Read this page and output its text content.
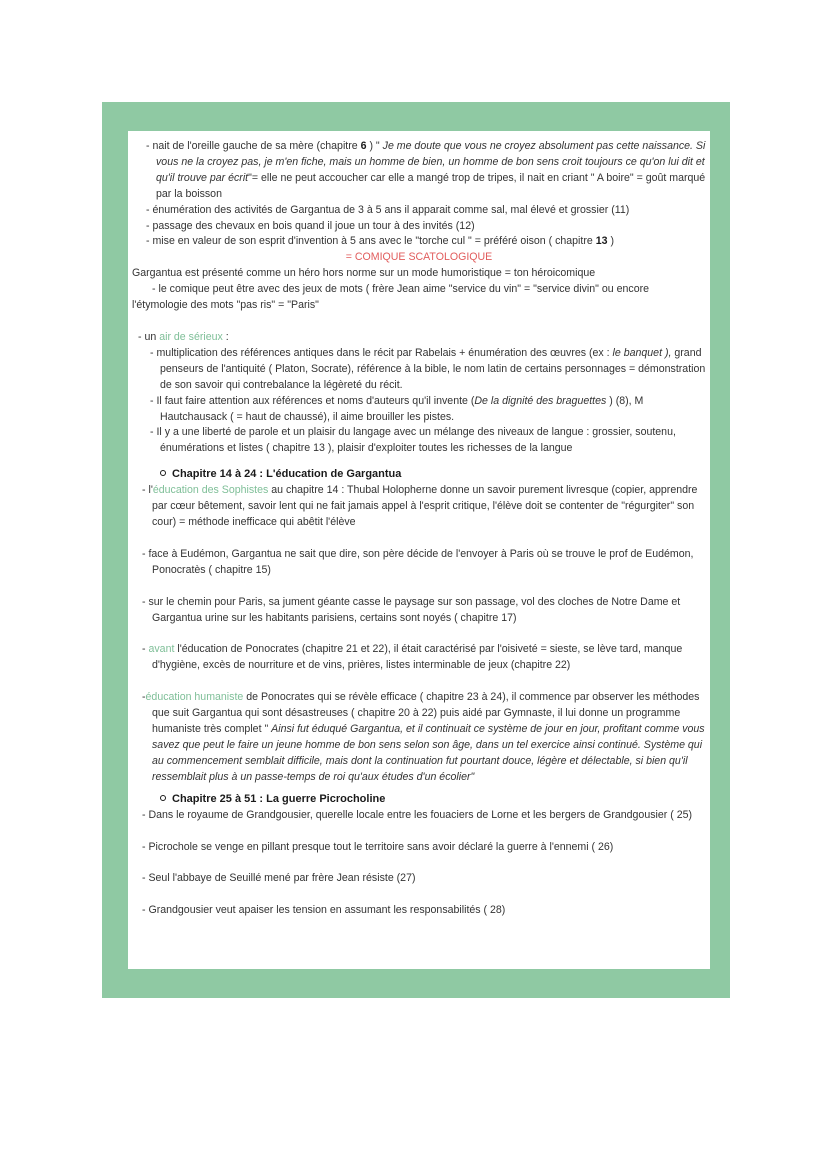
- nait de l'oreille gauche de sa mère (chapitre 6 ) " Je me doute que vous ne croyez absolument pas cette naissance. Si vous ne la croyez pas, je m'en fiche, mais un homme de bien, un homme de bon sens croit toujours ce qu'on lui dit et qu'il trouve par écrit"= elle ne peut accoucher car elle a mangé trop de tripes, il nait en criant " A boire" = goût marqué par la boisson

- énumération des activités de Gargantua de 3 à 5 ans il apparait comme sal, mal élevé et grossier (11)

- passage des chevaux en bois quand il joue un tour à des invités (12)

- mise en valeur de son esprit d'invention à 5 ans avec le "torche cul " = préféré oison ( chapitre 13 )

= COMIQUE SCATOLOGIQUE

Gargantua est présenté comme un héro hors norme sur un mode humoristique = ton héroicomique

- le comique peut être avec des jeux de mots ( frère Jean aime "service du vin" = "service divin" ou encore l'étymologie des mots "pas ris" = "Paris"

- un air de sérieux :

- multiplication des références antiques dans le récit par Rabelais + énumération des œuvres (ex : le banquet ), grand penseurs de l'antiquité ( Platon, Socrate), référence à la bible, le nom latin de certains personnages = démonstration de son savoir qui contrebalance la légèreté du récit.

- Il faut faire attention aux références et noms d'auteurs qu'il invente (De la dignité des braguettes ) (8), M Hautchausack ( = haut de chaussé), il aime brouiller les pistes.

- Il y a une liberté de parole et un plaisir du langage avec un mélange des niveaux de langue : grossier, soutenu, énumérations et listes ( chapitre 13 ), plaisir d'exploiter toutes les richesses de la langue

Chapitre 14 à 24 : L'éducation de Gargantua

- l'éducation des Sophistes au chapitre 14 : Thubal Holopherne donne un savoir purement livresque (copier, apprendre par cœur bêtement, savoir lent qui ne fait jamais appel à l'esprit critique, l'élève doit se contenter de "régurgiter" son cour) = méthode inefficace qui abêtit l'élève

- face à Eudémon, Gargantua ne sait que dire, son père décide de l'envoyer à Paris où se trouve le prof de Eudémon, Ponocratès ( chapitre 15)

- sur le chemin pour Paris, sa jument géante casse le paysage sur son passage, vol des cloches de Notre Dame et Gargantua urine sur les habitants parisiens, certains sont noyés ( chapitre 17)

- avant l'éducation de Ponocrates (chapitre 21 et 22), il était caractérisé par l'oisiveté = sieste, se lève tard, manque d'hygiène, excès de nourriture et de vins, prières, listes interminable de jeux (chapitre 22)

-éducation humaniste de Ponocrates qui se révèle efficace ( chapitre 23 à 24), il commence par observer les méthodes que suit Gargantua qui sont désastreuses ( chapitre 20 à 22) puis aidé par Gymnaste, il lui donne un programme humaniste très complet " Ainsi fut éduqué Gargantua, et il continuait ce système de jour en jour, profitant comme vous savez que peut le faire un jeune homme de bon sens selon son âge, dans un tel exercice ainsi continué. Système qui au commencement semblait difficile, mais dont la continuation fut pourtant douce, légère et délectable, si bien qu'il ressemblait plus à un passe-temps de roi qu'aux études d'un écolier"

Chapitre 25 à 51 : La guerre Picrocholine

- Dans le royaume de Grandgousier, querelle locale entre les fouaciers de Lorne et les bergers de Grandgousier ( 25)

- Picrochole se venge en pillant presque tout le territoire sans avoir déclaré la guerre à l'ennemi ( 26)

- Seul l'abbaye de Seuillé mené par frère Jean résiste (27)

- Grandgousier veut apaiser les tension en assumant les responsabilités ( 28)
